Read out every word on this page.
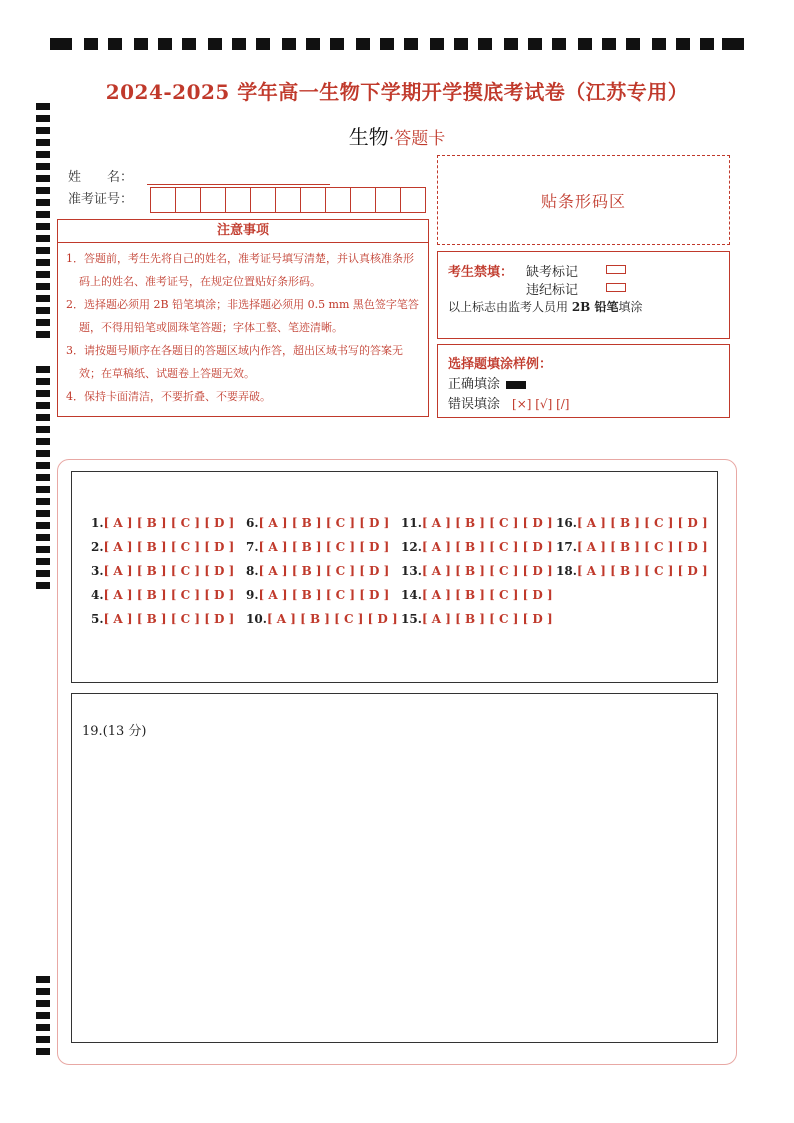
2024-2025 学年高一生物下学期开学摸底考试卷（江苏专用）
生物·答题卡
姓　　名：
准考证号：	贴条形码区
注意事项
1．答题前，考生先将自己的姓名，准考证号填写清楚，并认真核准条形码上的姓名、准考证号，在规定位置贴好条形码。
2．选择题必须用 2B 铅笔填涂；非选择题必须用 0.5 mm 黑色签字笔答题，不得用铅笔或圆珠笔答题；字体工整、笔迹清晰。
3．请按题号顺序在各题目的答题区域内作答，超出区域书写的答案无效；在草稿纸、试题卷上答题无效。
4．保持卡面清洁，不要折叠、不要弄破。
考生禁填： 缺考标记
违纪标记
以上标志由监考人员用 2B 铅笔填涂
选择题填涂样例：
正确填涂
错误填涂 [×] [√] [/]
1.[ A ] [ B ] [ C ] [ D ]
2.[ A ] [ B ] [ C ] [ D ]
3.[ A ] [ B ] [ C ] [ D ]
4.[ A ] [ B ] [ C ] [ D ]
5.[ A ] [ B ] [ C ] [ D ]
6.[ A ] [ B ] [ C ] [ D ]
7.[ A ] [ B ] [ C ] [ D ]
8.[ A ] [ B ] [ C ] [ D ]
9.[ A ] [ B ] [ C ] [ D ]
10.[ A ] [ B ] [ C ] [ D ]
11.[ A ] [ B ] [ C ] [ D ]
12.[ A ] [ B ] [ C ] [ D ]
13.[ A ] [ B ] [ C ] [ D ]
14.[ A ] [ B ] [ C ] [ D ]
15.[ A ] [ B ] [ C ] [ D ]
16.[ A ] [ B ] [ C ] [ D ]
17.[ A ] [ B ] [ C ] [ D ]
18.[ A ] [ B ] [ C ] [ D ]
19.(13 分)
